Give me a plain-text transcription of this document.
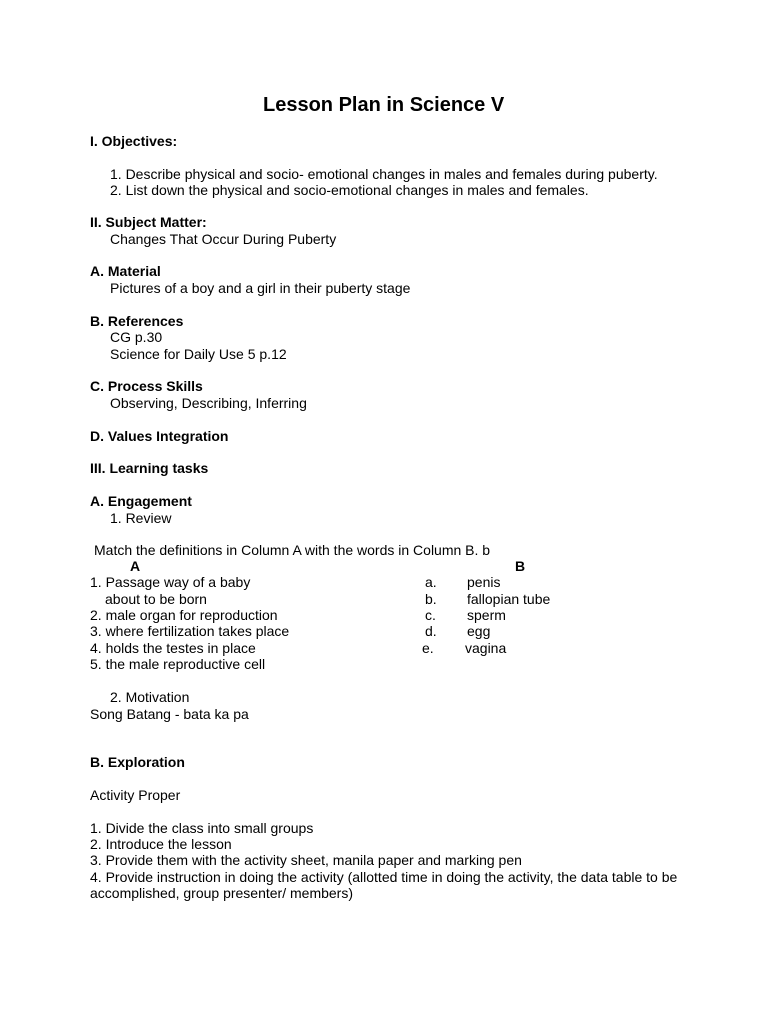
Lesson Plan in Science V
I. Objectives:
1. Describe physical and socio- emotional changes in males and females during puberty.
2. List down the physical and socio-emotional changes in males and females.
II. Subject Matter:
Changes That Occur During Puberty
A. Material
Pictures of a boy and a girl in their puberty stage
B. References
CG p.30
Science for Daily Use 5 p.12
C. Process Skills
Observing, Describing, Inferring
D. Values Integration
III. Learning tasks
A. Engagement
1. Review
Match the definitions in Column A with the words in Column B. b
A	B
1. Passage way of a baby
about to be born
2. male organ for reproduction
3. where fertilization takes place
4. holds the testes in place
5. the male reproductive cell
a.
b.
c.
d.
e.
penis
fallopian tube
sperm
egg
vagina
2. Motivation
Song Batang - bata ka pa
B. Exploration
Activity Proper
1. Divide the class into small groups
2. Introduce the lesson
3. Provide them with the activity sheet, manila paper and marking pen
4. Provide instruction in doing the activity (allotted time in doing the activity, the data table to be
accomplished, group presenter/ members)
